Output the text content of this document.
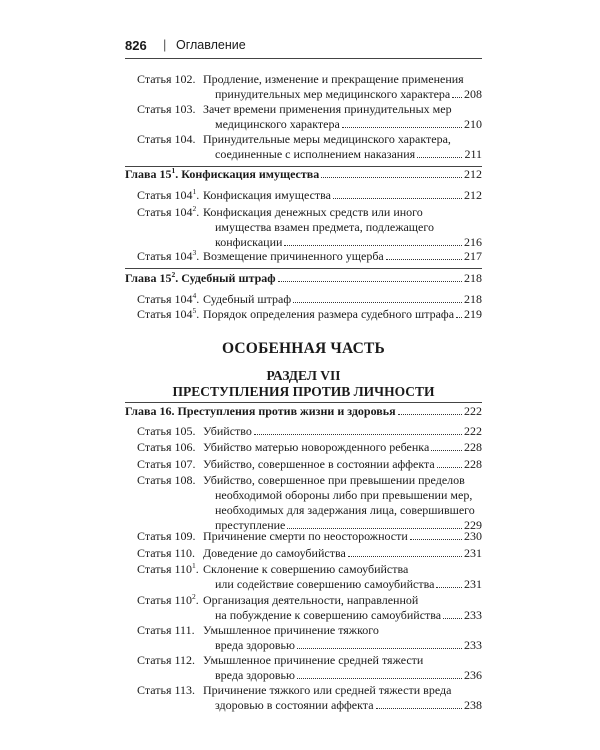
826 | Оглавление
Статья 102. Продление, изменение и прекращение применения
принудительных мер медицинского характера 208
Статья 103. Зачет времени применения принудительных мер
медицинского характера	210
Статья 104. Принудительные меры медицинского характера,
соединенные с исполнением наказания	211
Глава $15^1$. Конфискация имущества	212
Статья $104^1$. Конфискация имущества	212
Статья $104^2$. Конфискация денежных средств или иного
имущества взамен предмета, подлежащего
конфискации	216
Статья $104^3$. Возмещение причиненного ущерба	217
Глава $15^2$. Судебный штраф	218
Статья $104^4$. Судебный штраф	218
Статья $104^5$. Порядок определения размера судебного штрафа 219
ОСОБЕННАЯ ЧАСТЬ
РАЗДЕЛ VII
ПРЕСТУПЛЕНИЯ ПРОТИВ ЛИЧНОСТИ
Глава 16. Преступления против жизни и здоровья	222
Статья 105. Убийство	222
Статья 106. Убийство матерью новорожденного ребенка	228
Статья 107. Убийство, совершенное в состоянии аффекта 228
Статья 108. Убийство, совершенное при превышении пределов
необходимой обороны либо при превышении мер,
необходимых для задержания лица, совершившего
преступление	229
Статья 109. Причинение смерти по неосторожности	230
Статья 110. Доведение до самоубийства	231
Статья $110^1$. Склонение к совершению самоубийства
или содействие совершению самоубийства 231
Статья $110^2$. Организация деятельности, направленной
на побуждение к совершению самоубийства 233
Статья 111. Умышленное причинение тяжкого
вреда здоровью	233
Статья 112. Умышленное причинение средней тяжести
вреда здоровью	236
Статья 113. Причинение тяжкого или средней тяжести вреда
здоровью в состоянии аффекта	238
